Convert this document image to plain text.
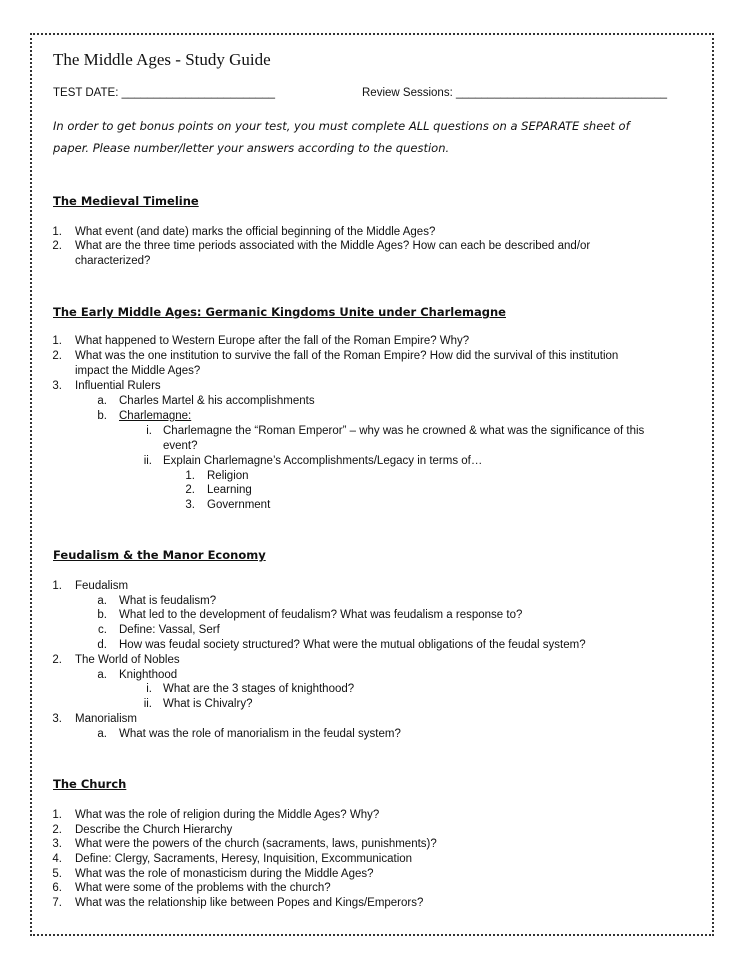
The Middle Ages - Study Guide
TEST DATE: ________________________	Review Sessions: _________________________________
In order to get bonus points on your test, you must complete ALL questions on a SEPARATE sheet of
paper. Please number/letter your answers according to the question.
The Medieval Timeline
1. What event (and date) marks the official beginning of the Middle Ages?
2. What are the three time periods associated with the Middle Ages? How can each be described and/or
characterized?
The Early Middle Ages: Germanic Kingdoms Unite under Charlemagne
1. What happened to Western Europe after the fall of the Roman Empire? Why?
2. What was the one institution to survive the fall of the Roman Empire? How did the survival of this institution
impact the Middle Ages?
3. Influential Rulers
a. Charles Martel & his accomplishments
b. Charlemagne:
i. Charlemagne the “Roman Emperor” – why was he crowned & what was the significance of this
event?
ii. Explain Charlemagne’s Accomplishments/Legacy in terms of…
1. Religion
2. Learning
3. Government
Feudalism & the Manor Economy
1. Feudalism
a. What is feudalism?
b. What led to the development of feudalism? What was feudalism a response to?
c. Define: Vassal, Serf
d. How was feudal society structured? What were the mutual obligations of the feudal system?
2. The World of Nobles
a. Knighthood
i. What are the 3 stages of knighthood?
ii. What is Chivalry?
3. Manorialism
a. What was the role of manorialism in the feudal system?
The Church
1. What was the role of religion during the Middle Ages? Why?
2. Describe the Church Hierarchy
3. What were the powers of the church (sacraments, laws, punishments)?
4. Define: Clergy, Sacraments, Heresy, Inquisition, Excommunication
5. What was the role of monasticism during the Middle Ages?
6. What were some of the problems with the church?
7. What was the relationship like between Popes and Kings/Emperors?
